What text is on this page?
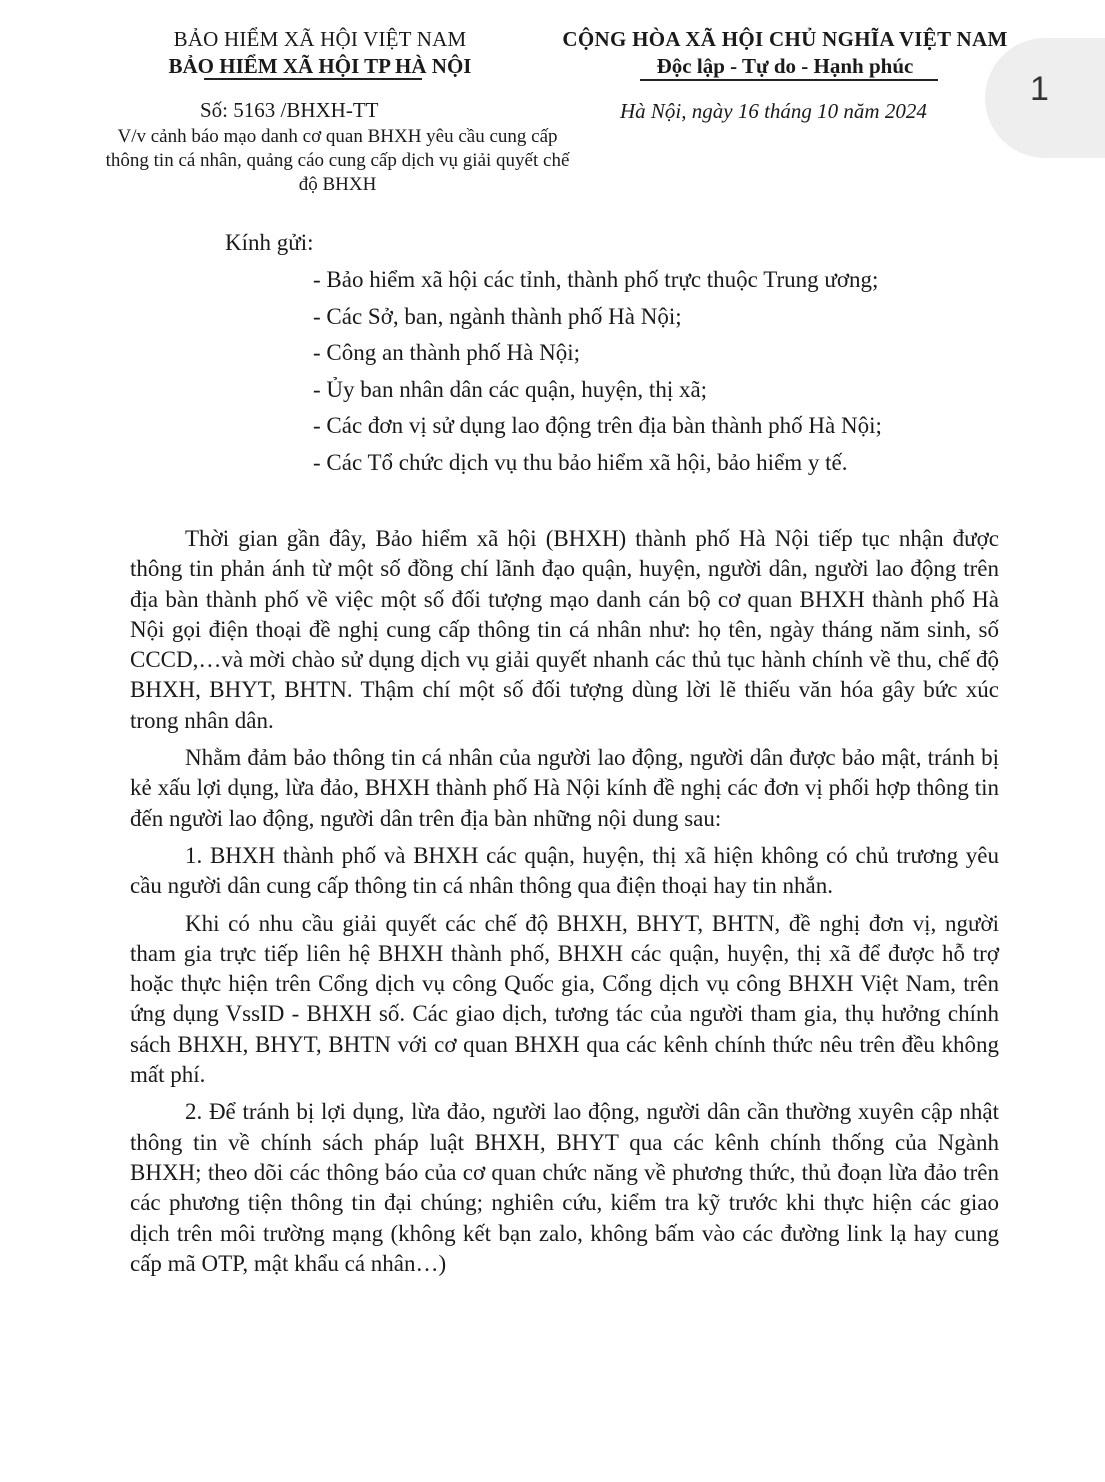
BẢO HIỂM XÃ HỘI VIỆT NAM
BẢO HIỂM XÃ HỘI TP HÀ NỘI
CỘNG HÒA XÃ HỘI CHỦ NGHĨA VIỆT NAM
Độc lập - Tự do - Hạnh phúc
Số: 5163 /BHXH-TT	Hà Nội, ngày 16 tháng 10 năm 2024
V/v cảnh báo mạo danh cơ quan BHXH yêu cầu cung cấp thông tin cá nhân, quảng cáo cung cấp dịch vụ giải quyết chế độ BHXH
1
Kính gửi:
- Bảo hiểm xã hội các tỉnh, thành phố trực thuộc Trung ương;
- Các Sở, ban, ngành thành phố Hà Nội;
- Công an thành phố Hà Nội;
- Ủy ban nhân dân các quận, huyện, thị xã;
- Các đơn vị sử dụng lao động trên địa bàn thành phố Hà Nội;
- Các Tổ chức dịch vụ thu bảo hiểm xã hội, bảo hiểm y tế.

Thời gian gần đây, Bảo hiểm xã hội (BHXH) thành phố Hà Nội tiếp tục nhận được thông tin phản ánh từ một số đồng chí lãnh đạo quận, huyện, người dân, người lao động trên địa bàn thành phố về việc một số đối tượng mạo danh cán bộ cơ quan BHXH thành phố Hà Nội gọi điện thoại đề nghị cung cấp thông tin cá nhân như: họ tên, ngày tháng năm sinh, số CCCD,…và mời chào sử dụng dịch vụ giải quyết nhanh các thủ tục hành chính về thu, chế độ BHXH, BHYT, BHTN. Thậm chí một số đối tượng dùng lời lẽ thiếu văn hóa gây bức xúc trong nhân dân.

Nhằm đảm bảo thông tin cá nhân của người lao động, người dân được bảo mật, tránh bị kẻ xấu lợi dụng, lừa đảo, BHXH thành phố Hà Nội kính đề nghị các đơn vị phối hợp thông tin đến người lao động, người dân trên địa bàn những nội dung sau:

1. BHXH thành phố và BHXH các quận, huyện, thị xã hiện không có chủ trương yêu cầu người dân cung cấp thông tin cá nhân thông qua điện thoại hay tin nhắn.

Khi có nhu cầu giải quyết các chế độ BHXH, BHYT, BHTN, đề nghị đơn vị, người tham gia trực tiếp liên hệ BHXH thành phố, BHXH các quận, huyện, thị xã để được hỗ trợ hoặc thực hiện trên Cổng dịch vụ công Quốc gia, Cổng dịch vụ công BHXH Việt Nam, trên ứng dụng VssID - BHXH số. Các giao dịch, tương tác của người tham gia, thụ hưởng chính sách BHXH, BHYT, BHTN với cơ quan BHXH qua các kênh chính thức nêu trên đều không mất phí.

2. Để tránh bị lợi dụng, lừa đảo, người lao động, người dân cần thường xuyên cập nhật thông tin về chính sách pháp luật BHXH, BHYT qua các kênh chính thống của Ngành BHXH; theo dõi các thông báo của cơ quan chức năng về phương thức, thủ đoạn lừa đảo trên các phương tiện thông tin đại chúng; nghiên cứu, kiểm tra kỹ trước khi thực hiện các giao dịch trên môi trường mạng (không kết bạn zalo, không bấm vào các đường link lạ hay cung cấp mã OTP, mật khẩu cá nhân…)
